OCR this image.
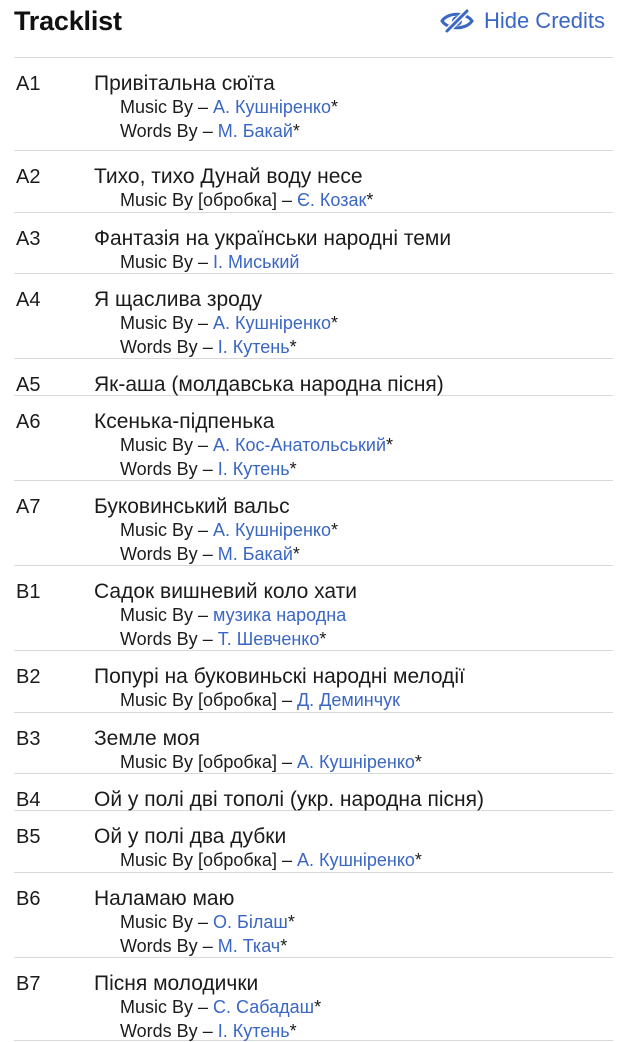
Tracklist	Hide Credits
A1	Привітальна сюїта
Music By – А. Кушніренко*
Words By – М. Бакай*
A2	Тихо, тихо Дунай воду несе
Music By [обробка] – Є. Козак*
A3	Фантазія на українськи народні теми
Music By – І. Миський
A4	Я щаслива зроду
Music By – А. Кушніренко*
Words By – І. Кутень*
A5	Як-аша (молдавська народна пісня)
A6	Ксенька-підпенька
Music By – А. Кос-Анатольський*
Words By – І. Кутень*
A7	Буковинський вальс
Music By – А. Кушніренко*
Words By – М. Бакай*
B1	Садок вишневий коло хати
Music By – музика народна
Words By – Т. Шевченко*
B2	Попурі на буковиньскі народні мелодії
Music By [обробка] – Д. Деминчук
B3	Земле моя
Music By [обробка] – А. Кушніренко*
B4	Ой у полі дві тополі (укр. народна пісня)
B5	Ой у полі два дубки
Music By [обробка] – А. Кушніренко*
B6	Наламаю маю
Music By – О. Білаш*
Words By – М. Ткач*
B7	Пісня молодички
Music By – С. Сабадаш*
Words By – І. Кутень*
